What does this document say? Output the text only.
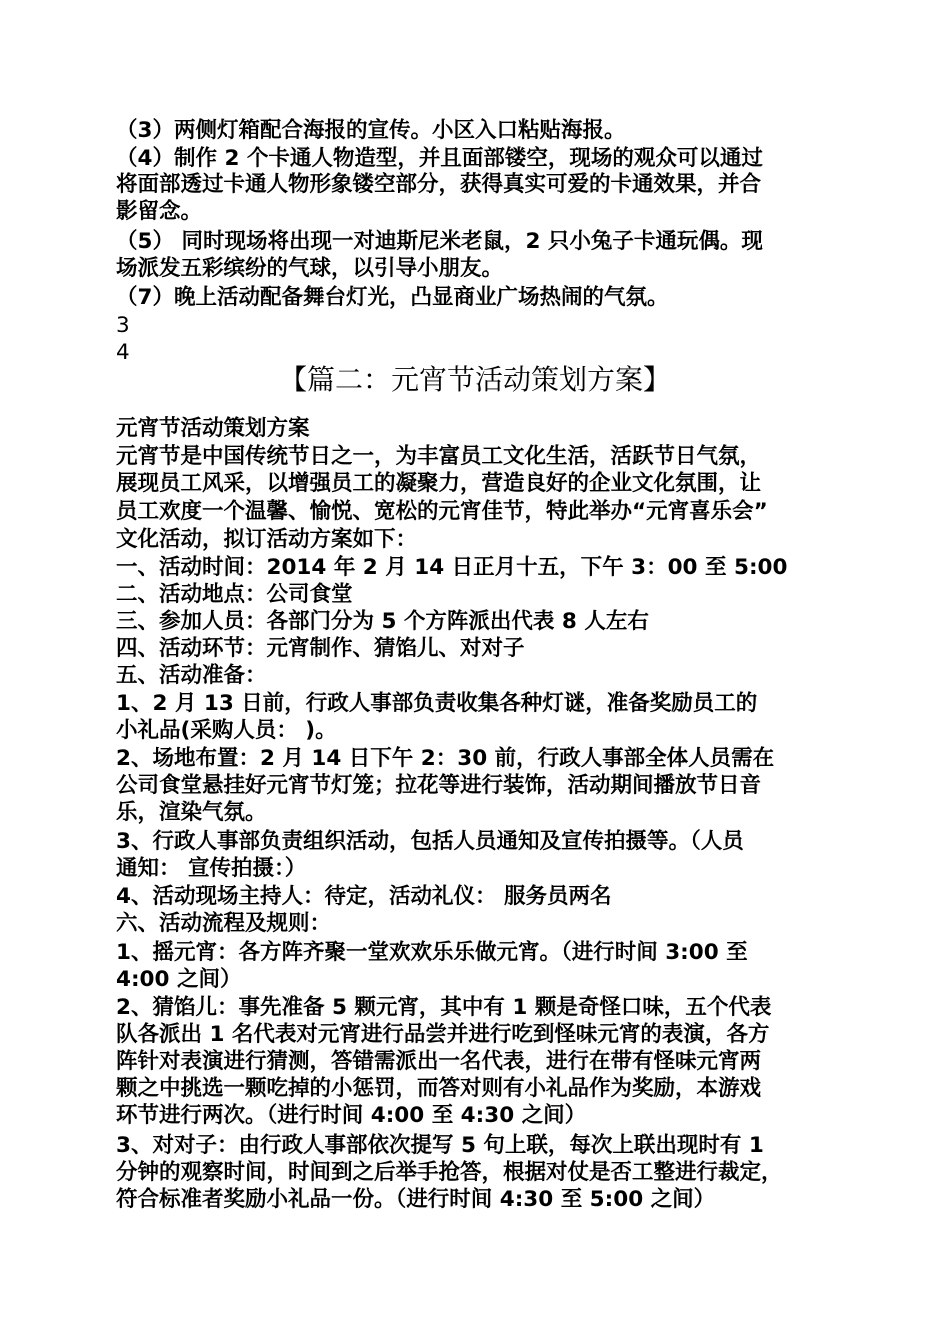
（3）两侧灯箱配合海报的宣传。小区入口粘贴海报。

（4）制作 2 个卡通人物造型，并且面部镂空，现场的观众可以通过

将面部透过卡通人物形象镂空部分，获得真实可爱的卡通效果，并合

影留念。

（5） 同时现场将出现一对迪斯尼米老鼠，2 只小兔子卡通玩偶。现

场派发五彩缤纷的气球，以引导小朋友。

（7）晚上活动配备舞台灯光，凸显商业广场热闹的气氛。

3

4

【篇二：元宵节活动策划方案】

元宵节活动策划方案

元宵节是中国传统节日之一，为丰富员工文化生活，活跃节日气氛，

展现员工风采，以增强员工的凝聚力，营造良好的企业文化氛围，让

员工欢度一个温馨、愉悦、宽松的元宵佳节，特此举办“元宵喜乐会”

文化活动，拟订活动方案如下：

一、活动时间：2014 年 2 月 14 日正月十五，下午 3：00 至 5:00

二、活动地点：公司食堂

三、参加人员：各部门分为 5 个方阵派出代表 8 人左右

四、活动环节：元宵制作、猜馅儿、对对子

五、活动准备：

1、2 月 13 日前，行政人事部负责收集各种灯谜，准备奖励员工的

小礼品(采购人员： )。

2、场地布置：2 月 14 日下午 2：30 前，行政人事部全体人员需在

公司食堂悬挂好元宵节灯笼；拉花等进行装饰，活动期间播放节日音

乐，渲染气氛。

3、行政人事部负责组织活动，包括人员通知及宣传拍摄等。（人员

通知： 宣传拍摄：）

4、活动现场主持人：待定，活动礼仪： 服务员两名

六、活动流程及规则：

1、摇元宵：各方阵齐聚一堂欢欢乐乐做元宵。（进行时间 3:00 至

4:00 之间）

2、猜馅儿：事先准备 5 颗元宵，其中有 1 颗是奇怪口味，五个代表

队各派出 1 名代表对元宵进行品尝并进行吃到怪味元宵的表演，各方

阵针对表演进行猜测，答错需派出一名代表，进行在带有怪味元宵两

颗之中挑选一颗吃掉的小惩罚，而答对则有小礼品作为奖励，本游戏

环节进行两次。（进行时间 4:00 至 4:30 之间）

3、对对子：由行政人事部依次提写 5 句上联，每次上联出现时有 1

分钟的观察时间，时间到之后举手抢答，根据对仗是否工整进行裁定，

符合标准者奖励小礼品一份。（进行时间 4:30 至 5:00 之间）
